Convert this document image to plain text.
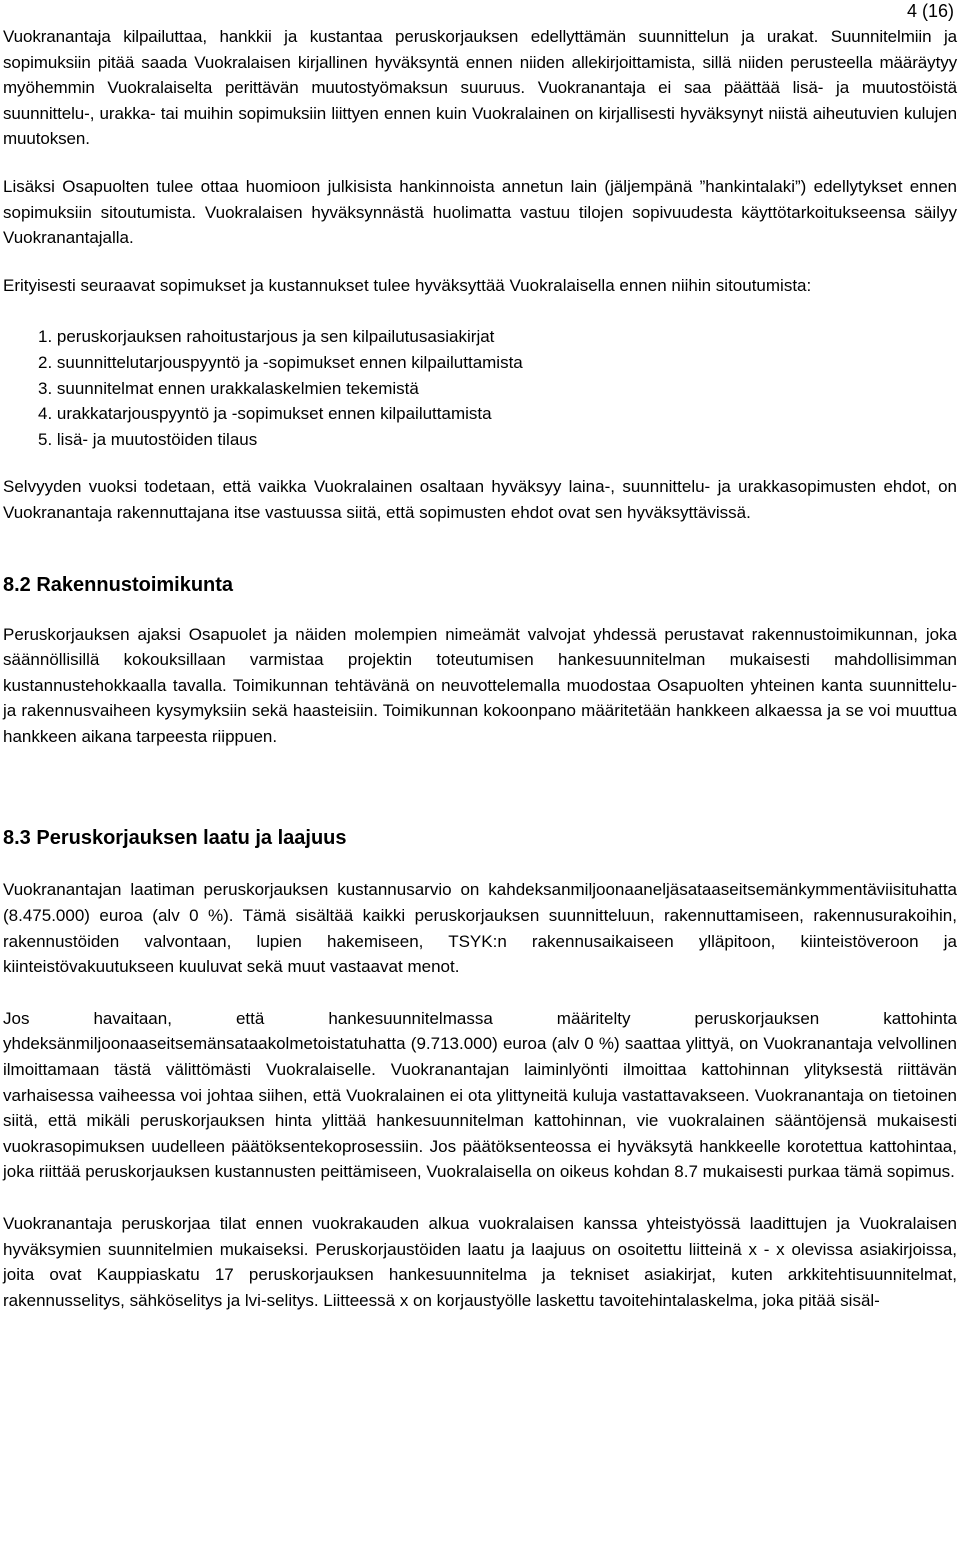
4 (16)

Vuokranantaja kilpailuttaa, hankkii ja kustantaa peruskorjauksen edellyttämän suunnittelun ja urakat. Suunnitelmiin ja sopimuksiin pitää saada Vuokralaisen kirjallinen hyväksyntä ennen niiden allekirjoittamista, sillä niiden perusteella määräytyy myöhemmin Vuokralaiselta perittävän muutostyömaksun suuruus. Vuokranantaja ei saa päättää lisä- ja muutostöistä suunnittelu-, urakka- tai muihin sopimuksiin liittyen ennen kuin Vuokralainen on kirjallisesti hyväksynyt niistä aiheutuvien kulujen muutoksen.

Lisäksi Osapuolten tulee ottaa huomioon julkisista hankinnoista annetun lain (jäljempänä ”hankintalaki”) edellytykset ennen sopimuksiin sitoutumista. Vuokralaisen hyväksynnästä huolimatta vastuu tilojen sopivuudesta käyttötarkoitukseensa säilyy Vuokranantajalla.

Erityisesti seuraavat sopimukset ja kustannukset tulee hyväksyttää Vuokralaisella ennen niihin sitoutumista:

1. peruskorjauksen rahoitustarjous ja sen kilpailutusasiakirjat
2. suunnittelutarjouspyyntö ja -sopimukset ennen kilpailuttamista
3. suunnitelmat ennen urakkalaskelmien tekemistä
4. urakkatarjouspyyntö ja -sopimukset ennen kilpailuttamista
5. lisä- ja muutostöiden tilaus

Selvyyden vuoksi todetaan, että vaikka Vuokralainen osaltaan hyväksyy laina-, suunnittelu- ja urakkasopimusten ehdot, on Vuokranantaja rakennuttajana itse vastuussa siitä, että sopimusten ehdot ovat sen hyväksyttävissä.

8.2 Rakennustoimikunta

Peruskorjauksen ajaksi Osapuolet ja näiden molempien nimeämät valvojat yhdessä perustavat rakennustoimikunnan, joka säännöllisillä kokouksillaan varmistaa projektin toteutumisen hankesuunnitelman mukaisesti mahdollisimman kustannustehokkaalla tavalla. Toimikunnan tehtävänä on neuvottelemalla muodostaa Osapuolten yhteinen kanta suunnittelu- ja rakennusvaiheen kysymyksiin sekä haasteisiin. Toimikunnan kokoonpano määritetään hankkeen alkaessa ja se voi muuttua hankkeen aikana tarpeesta riippuen.

8.3 Peruskorjauksen laatu ja laajuus

Vuokranantajan laatiman peruskorjauksen kustannusarvio on kahdeksanmiljoonaaneljäsataaseitsemänkymmentäviisituhatta (8.475.000) euroa (alv 0 %). Tämä sisältää kaikki peruskorjauksen suunnitteluun, rakennuttamiseen, rakennusurakoihin, rakennustöiden valvontaan, lupien hakemiseen, TSYK:n rakennusaikaiseen ylläpitoon, kiinteistöveroon ja kiinteistövakuutukseen kuuluvat sekä muut vastaavat menot.

Jos havaitaan, että hankesuunnitelmassa määritelty peruskorjauksen kattohinta yhdeksänmiljoonaaseitsemänsataakolmetoistatuhatta (9.713.000) euroa (alv 0 %) saattaa ylittyä, on Vuokranantaja velvollinen ilmoittamaan tästä välittömästi Vuokralaiselle. Vuokranantajan laiminlyönti ilmoittaa kattohinnan ylityksestä riittävän varhaisessa vaiheessa voi johtaa siihen, että Vuokralainen ei ota ylittyneitä kuluja vastattavakseen. Vuokranantaja on tietoinen siitä, että mikäli peruskorjauksen hinta ylittää hankesuunnitelman kattohinnan, vie vuokralainen sääntöjensä mukaisesti vuokrasopimuksen uudelleen päätöksentekoprosessiin. Jos päätöksenteossa ei hyväksytä hankkeelle korotettua kattohintaa, joka riittää peruskorjauksen kustannusten peittämiseen, Vuokralaisella on oikeus kohdan 8.7 mukaisesti purkaa tämä sopimus.

Vuokranantaja peruskorjaa tilat ennen vuokrakauden alkua vuokralaisen kanssa yhteistyössä laadittujen ja Vuokralaisen hyväksymien suunnitelmien mukaiseksi. Peruskorjaustöiden laatu ja laajuus on osoitettu liitteinä x - x olevissa asiakirjoissa, joita ovat Kauppiaskatu 17 peruskorjauksen hankesuunnitelma ja tekniset asiakirjat, kuten arkkitehtisuunnitelmat, rakennusselitys, sähköselitys ja lvi-selitys. Liitteessä x on korjaustyölle laskettu tavoitehintalaskelma, joka pitää sisäl-
